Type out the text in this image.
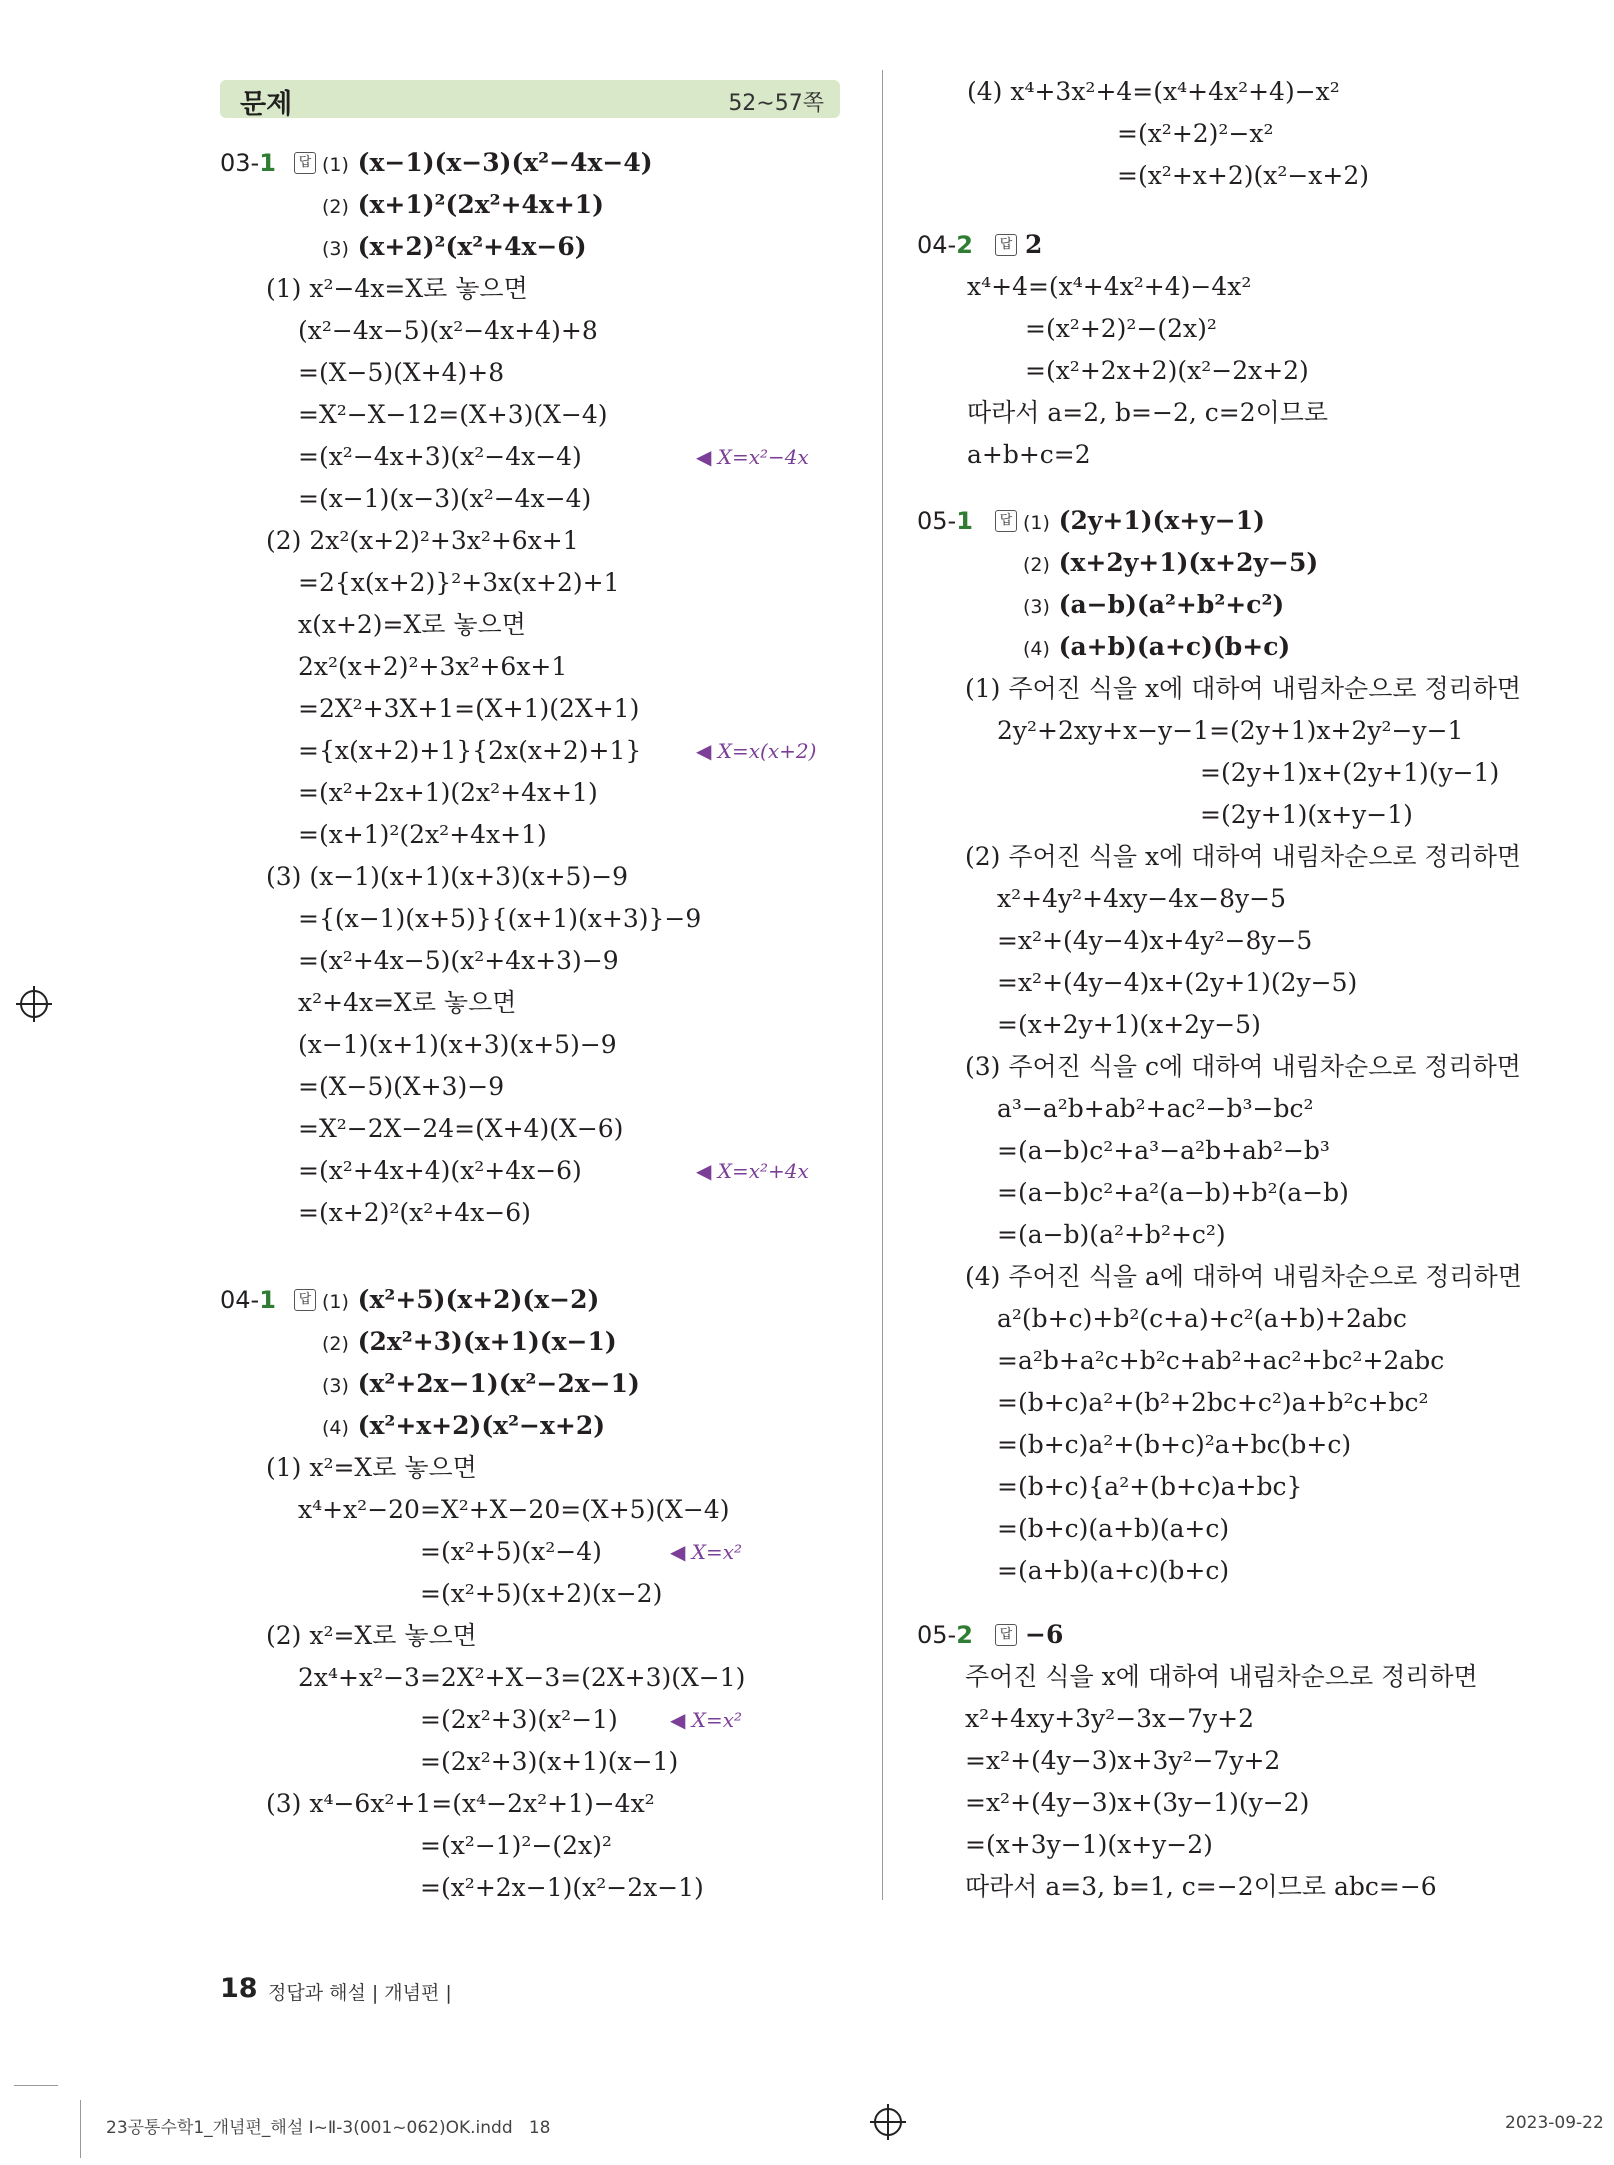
문제	52∼57쪽
03-1	답 (1) (x−1)(x−3)(x²−4x−4)
(2) (x+1)²(2x²+4x+1)
(3) (x+2)²(x²+4x−6)
(1) x²−4x=X로 놓으면
(x²−4x−5)(x²−4x+4)+8
=(X−5)(X+4)+8
=X²−X−12=(X+3)(X−4)
=(x²−4x+3)(x²−4x−4)	◀ X=x²−4x
=(x−1)(x−3)(x²−4x−4)
(2) 2x²(x+2)²+3x²+6x+1
=2{x(x+2)}²+3x(x+2)+1
x(x+2)=X로 놓으면
2x²(x+2)²+3x²+6x+1
=2X²+3X+1=(X+1)(2X+1)
={x(x+2)+1}{2x(x+2)+1}	◀ X=x(x+2)
=(x²+2x+1)(2x²+4x+1)
=(x+1)²(2x²+4x+1)
(3) (x−1)(x+1)(x+3)(x+5)−9
={(x−1)(x+5)}{(x+1)(x+3)}−9
=(x²+4x−5)(x²+4x+3)−9
x²+4x=X로 놓으면
(x−1)(x+1)(x+3)(x+5)−9
=(X−5)(X+3)−9
=X²−2X−24=(X+4)(X−6)
=(x²+4x+4)(x²+4x−6)	◀ X=x²+4x
=(x+2)²(x²+4x−6)
04-1	답 (1) (x²+5)(x+2)(x−2)
(2) (2x²+3)(x+1)(x−1)
(3) (x²+2x−1)(x²−2x−1)
(4) (x²+x+2)(x²−x+2)
(1) x²=X로 놓으면
x⁴+x²−20=X²+X−20=(X+5)(X−4)
=(x²+5)(x²−4)	◀ X=x²
=(x²+5)(x+2)(x−2)
(2) x²=X로 놓으면
2x⁴+x²−3=2X²+X−3=(2X+3)(X−1)
=(2x²+3)(x²−1)	◀ X=x²
=(2x²+3)(x+1)(x−1)
(3) x⁴−6x²+1=(x⁴−2x²+1)−4x²
=(x²−1)²−(2x)²
=(x²+2x−1)(x²−2x−1)
(4) x⁴+3x²+4=(x⁴+4x²+4)−x²
=(x²+2)²−x²
=(x²+x+2)(x²−x+2)
04-2	답 2
x⁴+4=(x⁴+4x²+4)−4x²
=(x²+2)²−(2x)²
=(x²+2x+2)(x²−2x+2)
따라서 a=2, b=−2, c=2이므로
a+b+c=2
05-1	답 (1) (2y+1)(x+y−1)
(2) (x+2y+1)(x+2y−5)
(3) (a−b)(a²+b²+c²)
(4) (a+b)(a+c)(b+c)
(1) 주어진 식을 x에 대하여 내림차순으로 정리하면
2y²+2xy+x−y−1=(2y+1)x+2y²−y−1
=(2y+1)x+(2y+1)(y−1)
=(2y+1)(x+y−1)
(2) 주어진 식을 x에 대하여 내림차순으로 정리하면
x²+4y²+4xy−4x−8y−5
=x²+(4y−4)x+4y²−8y−5
=x²+(4y−4)x+(2y+1)(2y−5)
=(x+2y+1)(x+2y−5)
(3) 주어진 식을 c에 대하여 내림차순으로 정리하면
a³−a²b+ab²+ac²−b³−bc²
=(a−b)c²+a³−a²b+ab²−b³
=(a−b)c²+a²(a−b)+b²(a−b)
=(a−b)(a²+b²+c²)
(4) 주어진 식을 a에 대하여 내림차순으로 정리하면
a²(b+c)+b²(c+a)+c²(a+b)+2abc
=a²b+a²c+b²c+ab²+ac²+bc²+2abc
=(b+c)a²+(b²+2bc+c²)a+b²c+bc²
=(b+c)a²+(b+c)²a+bc(b+c)
=(b+c){a²+(b+c)a+bc}
=(b+c)(a+b)(a+c)
=(a+b)(a+c)(b+c)
05-2	답 −6
주어진 식을 x에 대하여 내림차순으로 정리하면
x²+4xy+3y²−3x−7y+2
=x²+(4y−3)x+3y²−7y+2
=x²+(4y−3)x+(3y−1)(y−2)
=(x+3y−1)(x+y−2)
따라서 a=3, b=1, c=−2이므로 abc=−6
18 정답과 해설 | 개념편 |
23공통수학1_개념편_해설 Ⅰ~Ⅱ-3(001~062)OK.indd   18	2023-09-22
